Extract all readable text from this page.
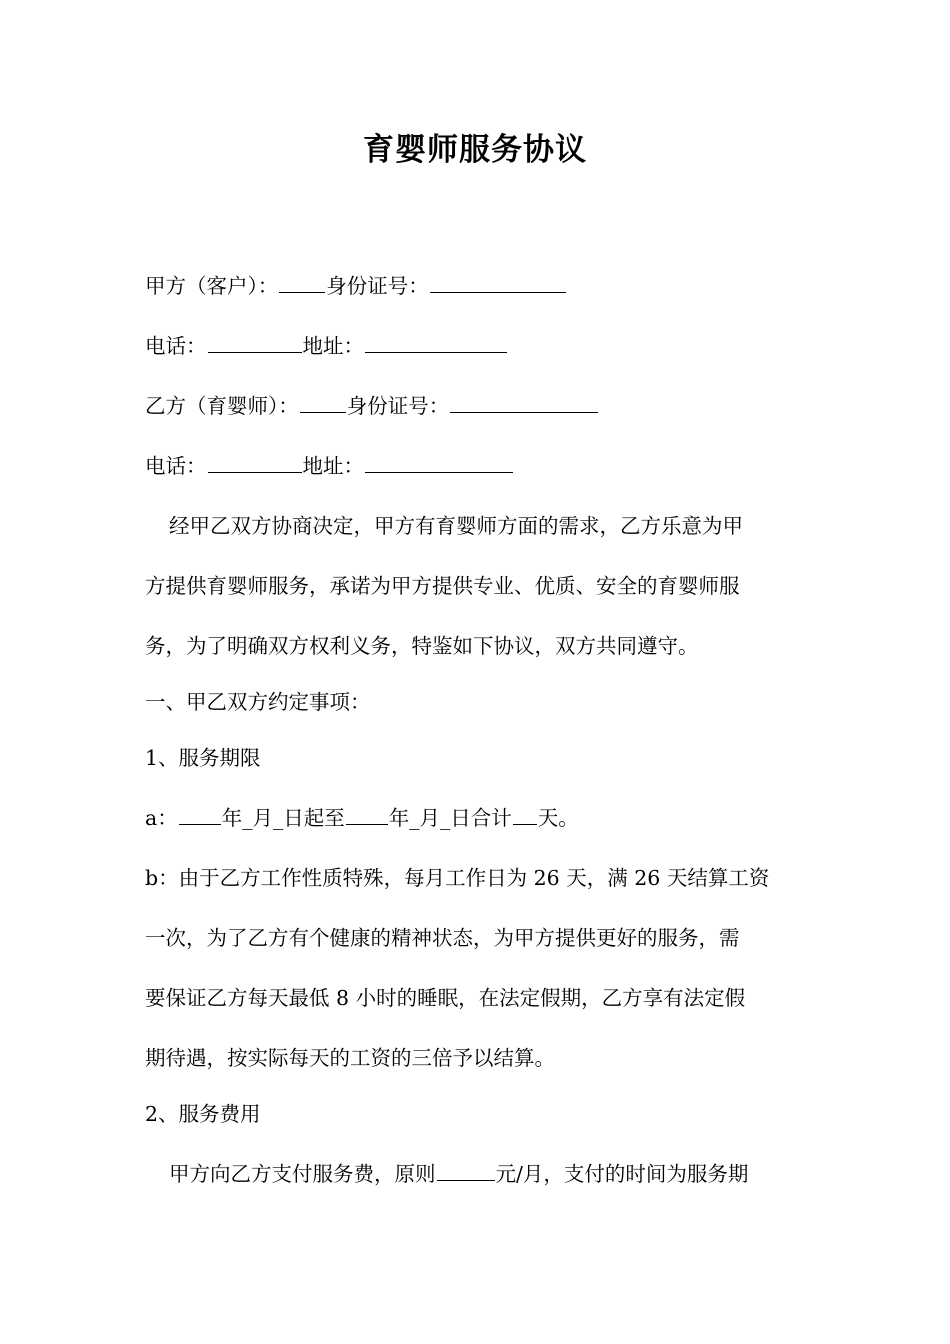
育婴师服务协议
甲方（客户）： 身份证号：
电话：	地址：
乙方（育婴师）： 身份证号：
电话：	地址：
经甲乙双方协商决定，甲方有育婴师方面的需求，乙方乐意为甲
方提供育婴师服务，承诺为甲方提供专业、优质、安全的育婴师服
务，为了明确双方权利义务，特鉴如下协议，双方共同遵守。
一、甲乙双方约定事项：
1、服务期限
a： 年_月_日起至 年_月_日合计 天。
b：由于乙方工作性质特殊，每月工作日为 26 天，满 26 天结算工资
一次，为了乙方有个健康的精神状态，为甲方提供更好的服务，需
要保证乙方每天最低 8 小时的睡眠，在法定假期，乙方享有法定假
期待遇，按实际每天的工资的三倍予以结算。
2、服务费用
甲方向乙方支付服务费，原则	元/月，支付的时间为服务期
